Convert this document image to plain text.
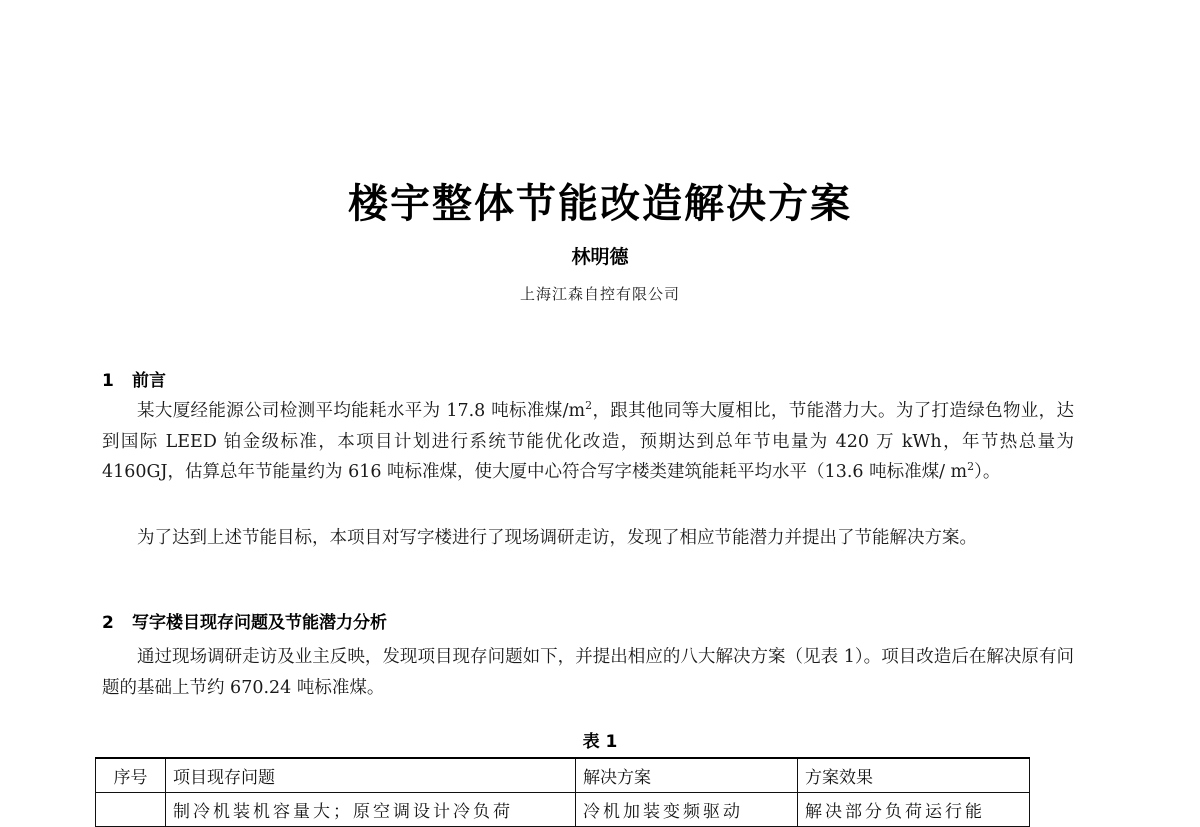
楼宇整体节能改造解决方案
林明德
上海江森自控有限公司
1 前言
某大厦经能源公司检测平均能耗水平为 17.8 吨标准煤$/m^2$，跟其他同等大厦相比，节能潜力大。为了打造绿色物业，达到国际 LEED 铂金级标准，本项目计划进行系统节能优化改造，预期达到总年节电量为 420 万 kWh，年节热总量为 4160GJ，估算总年节能量约为 616 吨标准煤，使大厦中心符合写字楼类建筑能耗平均水平（13.6 吨标准煤/ $m^2$）。
为了达到上述节能目标，本项目对写字楼进行了现场调研走访，发现了相应节能潜力并提出了节能解决方案。
2 写字楼目现存问题及节能潜力分析
通过现场调研走访及业主反映，发现项目现存问题如下，并提出相应的八大解决方案（见表 1）。项目改造后在解决原有问题的基础上节约 670.24 吨标准煤。
表 1
序号	项目现存问题	解决方案	方案效果
	制冷机装机容量大；原空调设计冷负荷	冷机加装变频驱动	解决部分负荷运行能
